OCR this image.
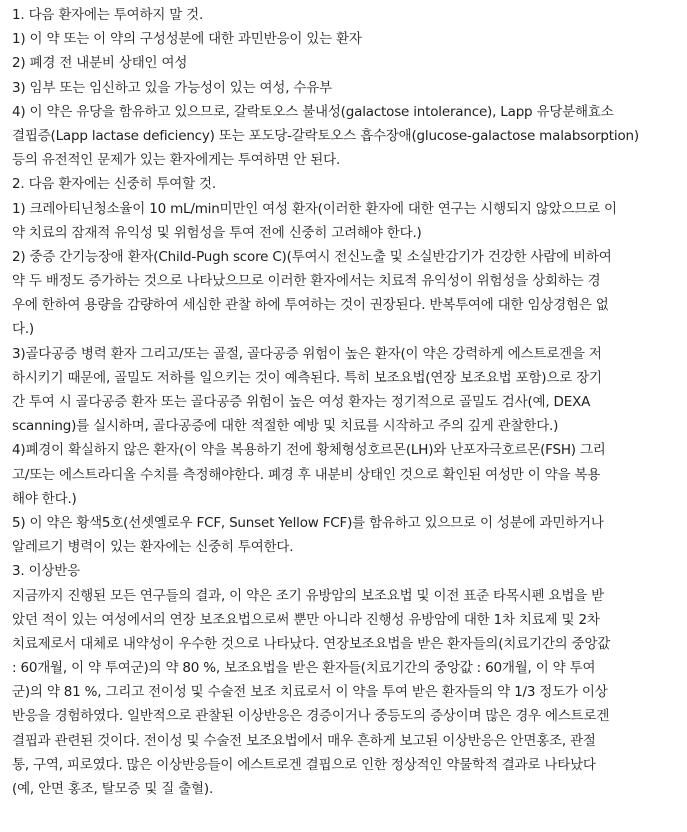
1. 다음 환자에는 투여하지 말 것.
1) 이 약 또는 이 약의 구성성분에 대한 과민반응이 있는 환자
2) 폐경 전 내분비 상태인 여성
3) 임부 또는 임신하고 있을 가능성이 있는 여성, 수유부
4) 이 약은 유당을 함유하고 있으므로, 갈락토오스 불내성(galactose intolerance), Lapp 유당분해효소
결핍증(Lapp lactase deficiency) 또는 포도당-갈락토오스 흡수장애(glucose-galactose malabsorption)
등의 유전적인 문제가 있는 환자에게는 투여하면 안 된다.
2. 다음 환자에는 신중히 투여할 것.
1) 크레아티닌청소율이 10 mL/min미만인 여성 환자(이러한 환자에 대한 연구는 시행되지 않았으므로 이
약 치료의 잠재적 유익성 및 위험성을 투여 전에 신중히 고려해야 한다.)
2) 중증 간기능장애 환자(Child-Pugh score C)(투여시 전신노출 및 소실반감기가 건강한 사람에 비하여
약 두 배정도 증가하는 것으로 나타났으므로 이러한 환자에서는 치료적 유익성이 위험성을 상회하는 경
우에 한하여 용량을 감량하여 세심한 관찰 하에 투여하는 것이 권장된다. 반복투여에 대한 임상경험은 없
다.)
3)골다공증 병력 환자 그리고/또는 골절, 골다공증 위험이 높은 환자(이 약은 강력하게 에스트로겐을 저
하시키기 때문에, 골밀도 저하를 일으키는 것이 예측된다. 특히 보조요법(연장 보조요법 포함)으로 장기
간 투여 시 골다공증 환자 또는 골다공증 위험이 높은 여성 환자는 정기적으로 골밀도 검사(예, DEXA
scanning)를 실시하며, 골다공증에 대한 적절한 예방 및 치료를 시작하고 주의 깊게 관찰한다.)
4)폐경이 확실하지 않은 환자(이 약을 복용하기 전에 황체형성호르몬(LH)와 난포자극호르몬(FSH) 그리
고/또는 에스트라디올 수치를 측정해야한다. 폐경 후 내분비 상태인 것으로 확인된 여성만 이 약을 복용
해야 한다.)
5) 이 약은 황색5호(선셋옐로우 FCF, Sunset Yellow FCF)를 함유하고 있으므로 이 성분에 과민하거나
알레르기 병력이 있는 환자에는 신중히 투여한다.
3. 이상반응
지금까지 진행된 모든 연구들의 결과, 이 약은 조기 유방암의 보조요법 및 이전 표준 타목시펜 요법을 받
았던 적이 있는 여성에서의 연장 보조요법으로써 뿐만 아니라 진행성 유방암에 대한 1차 치료제 및 2차
치료제로서 대체로 내약성이 우수한 것으로 나타났다. 연장보조요법을 받은 환자들의(치료기간의 중앙값
: 60개월, 이 약 투여군)의 약 80 %, 보조요법을 받은 환자들(치료기간의 중앙값 : 60개월, 이 약 투여
군)의 약 81 %, 그리고 전이성 및 수술전 보조 치료로서 이 약을 투여 받은 환자들의 약 1/3 정도가 이상
반응을 경험하였다. 일반적으로 관찰된 이상반응은 경증이거나 중등도의 증상이며 많은 경우 에스트로겐
결핍과 관련된 것이다. 전이성 및 수술전 보조요법에서 매우 흔하게 보고된 이상반응은 안면홍조, 관절
통, 구역, 피로였다. 많은 이상반응들이 에스트로겐 결핍으로 인한 정상적인 약물학적 결과로 나타났다
(예, 안면 홍조, 탈모증 및 질 출혈).
